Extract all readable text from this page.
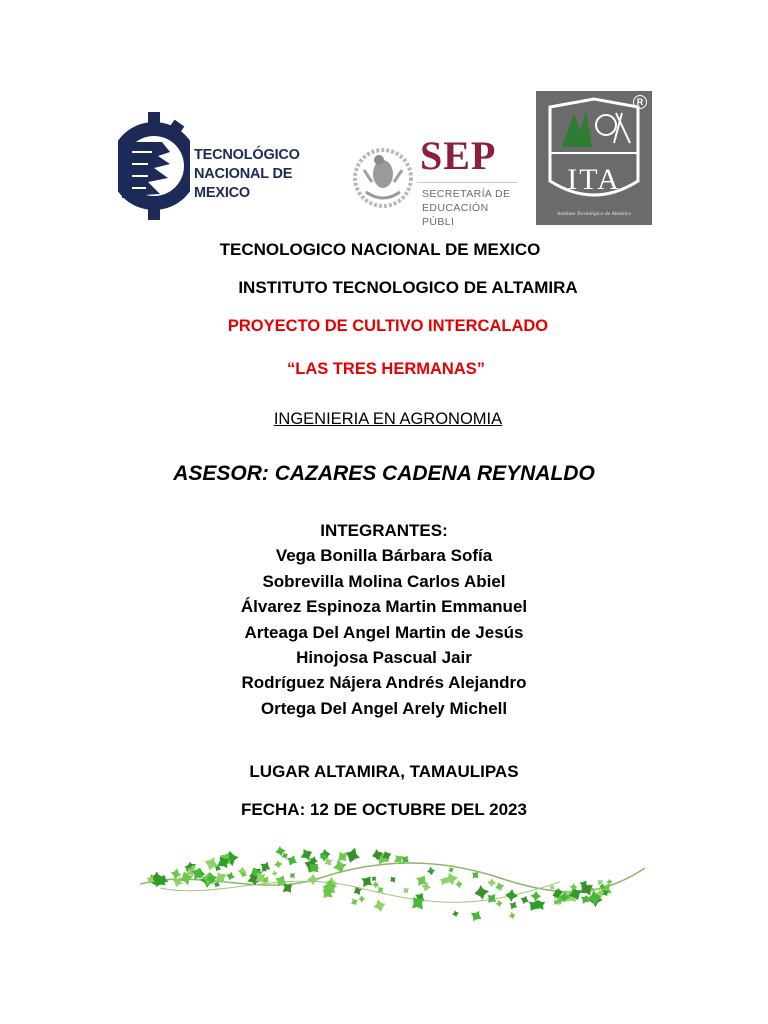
TECNOLÓGICO
NACIONAL DE MEXICO
SEP
SECRETARÍA DE
EDUCACIÓN PÚBLI
R
ITA
Instituto Tecnológico de Altamira
TECNOLOGICO NACIONAL DE MEXICO
INSTITUTO TECNOLOGICO DE ALTAMIRA
PROYECTO DE CULTIVO INTERCALADO
“LAS TRES HERMANAS”
INGENIERIA EN AGRONOMIA
ASESOR: CAZARES CADENA REYNALDO
INTEGRANTES:
Vega Bonilla Bárbara Sofía
Sobrevilla Molina Carlos Abiel
Álvarez Espinoza Martin Emmanuel
Arteaga Del Angel Martin de Jesús
Hinojosa Pascual Jair
Rodríguez Nájera Andrés Alejandro
Ortega Del Angel Arely Michell
LUGAR ALTAMIRA, TAMAULIPAS
FECHA: 12 DE OCTUBRE DEL 2023
